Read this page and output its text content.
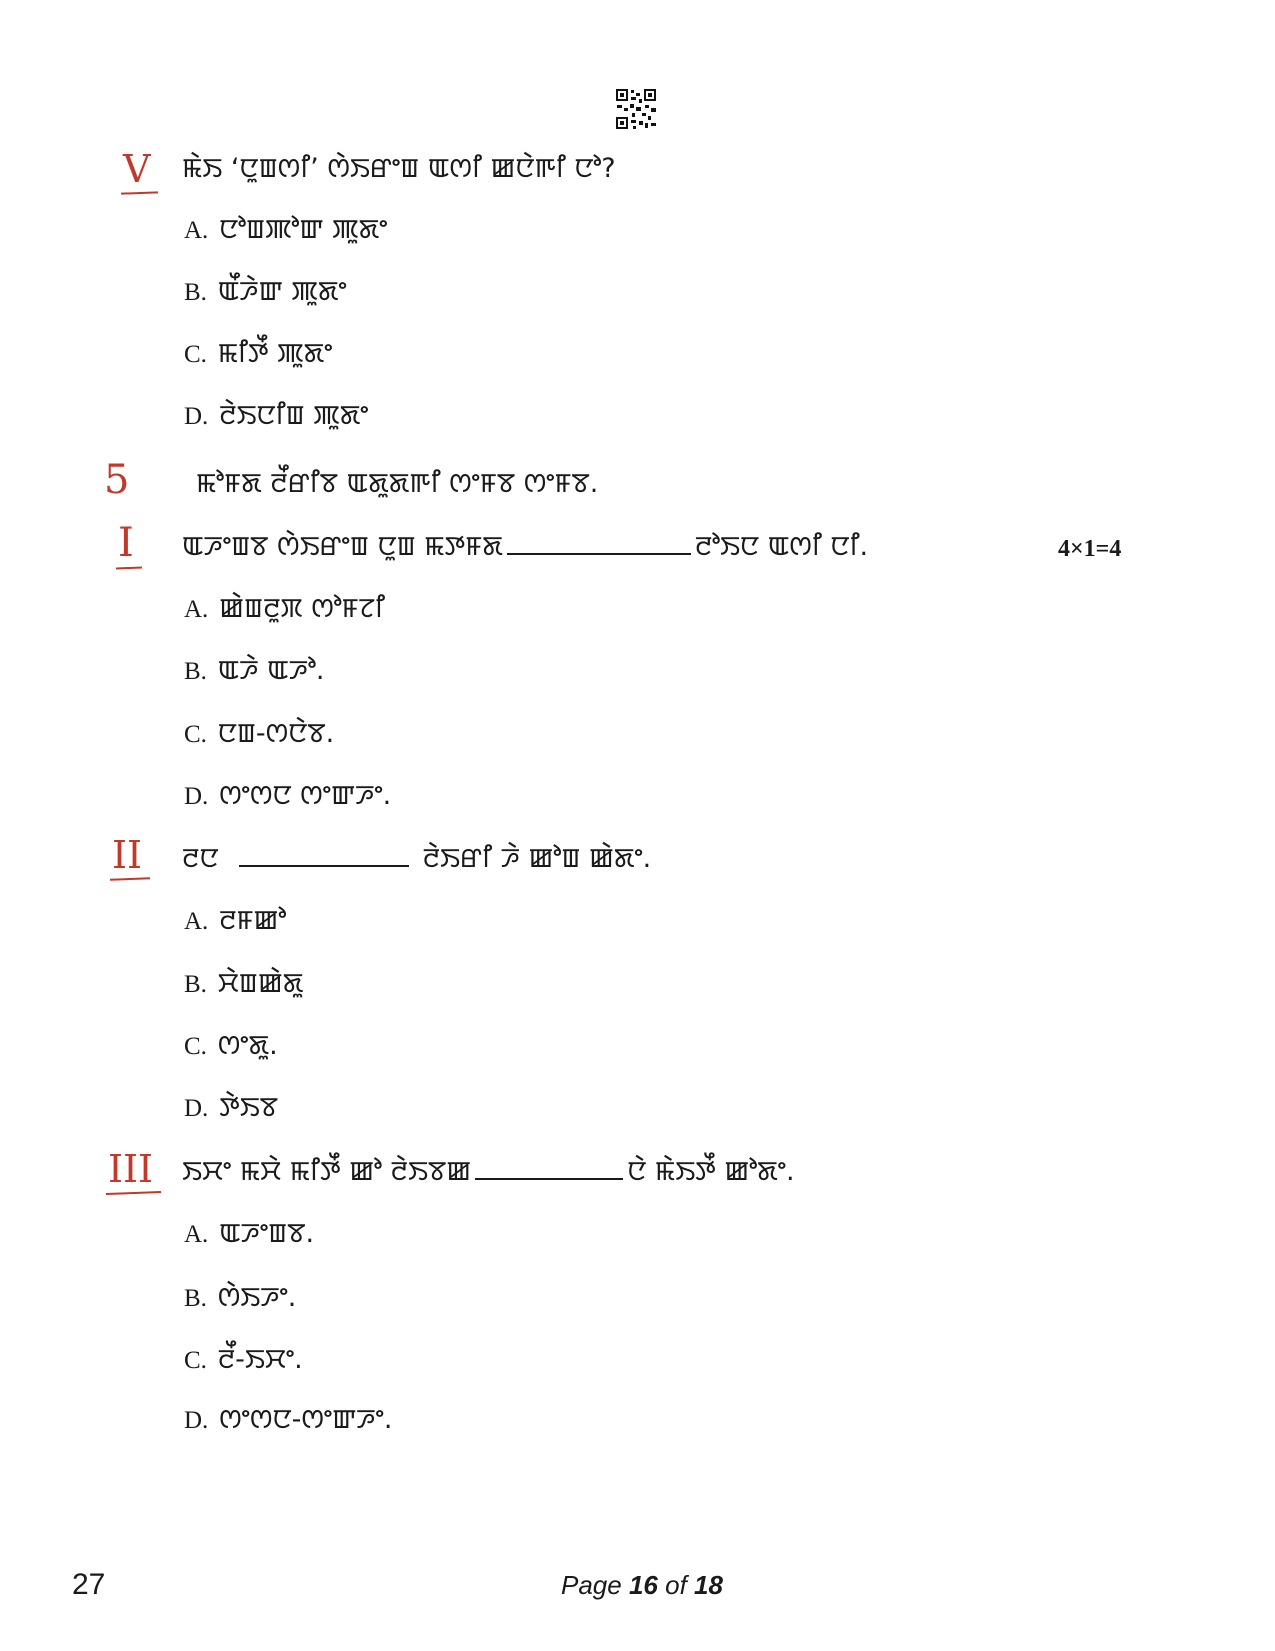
V ꯃꯥꯏ ‘ꯅꯨꯡꯁꯤ’ ꯁꯥꯏꯔꯦꯡ ꯑꯁꯤ ꯀꯅꯥꯒꯤ ꯅꯣ?
A. ꯅꯣꯡꯄꯣꯛ ꯄꯨꯗꯦ
B. ꯑꯩꯍꯥꯛ ꯄꯨꯗꯦ
C. ꯃꯤꯇꯩ ꯄꯨꯗꯦ
D. ꯂꯥꯏꯅꯤꯡ ꯄꯨꯗꯦ
5 ꯃꯣꯝꯗ ꯂꯩꯔꯤꯕ ꯑꯗꯨꯗꯒꯤ ꯁꯦꯝꯕ ꯁꯦꯝꯕ.
I ꯑꯍꯦꯡꯕ ꯁꯥꯏꯔꯦꯡ ꯅꯨꯡ ꯃꯇꯝꯗ	ꯂꯣꯏꯅ ꯑꯁꯤ ꯅꯤ.	4×1=4
A. ꯀꯥꯡꯂꯨꯞ ꯁꯣꯝꯖꯤ
B. ꯑꯍꯥ ꯑꯍꯣ.
C. ꯅꯡ-ꯁꯅꯥꯕ.
D. ꯁꯦꯁꯅ ꯁꯦꯛꯍꯦ.
II ꯂꯅ	ꯂꯥꯏꯔꯤ ꯍꯥ ꯀꯣꯡ ꯀꯥꯗꯦ.
A. ꯂꯝꯀꯣ
B. ꯆꯥꯡꯀꯥꯗꯨ
C. ꯁꯦꯗꯨ.
D. ꯇꯥꯏꯕ
III ꯏꯆꯦ ꯃꯆꯥ ꯃꯤꯇꯩ ꯀꯣ ꯂꯥꯏꯕꯀ	ꯅꯥ ꯃꯥꯏꯇꯩ ꯀꯣꯗꯦ.
A. ꯑꯍꯦꯡꯕ.
B. ꯁꯥꯏꯍꯦ.
C. ꯂꯩ-ꯏꯆꯦ.
D. ꯁꯦꯁꯅ-ꯁꯦꯛꯍꯦ.
27	Page 16 of 18
